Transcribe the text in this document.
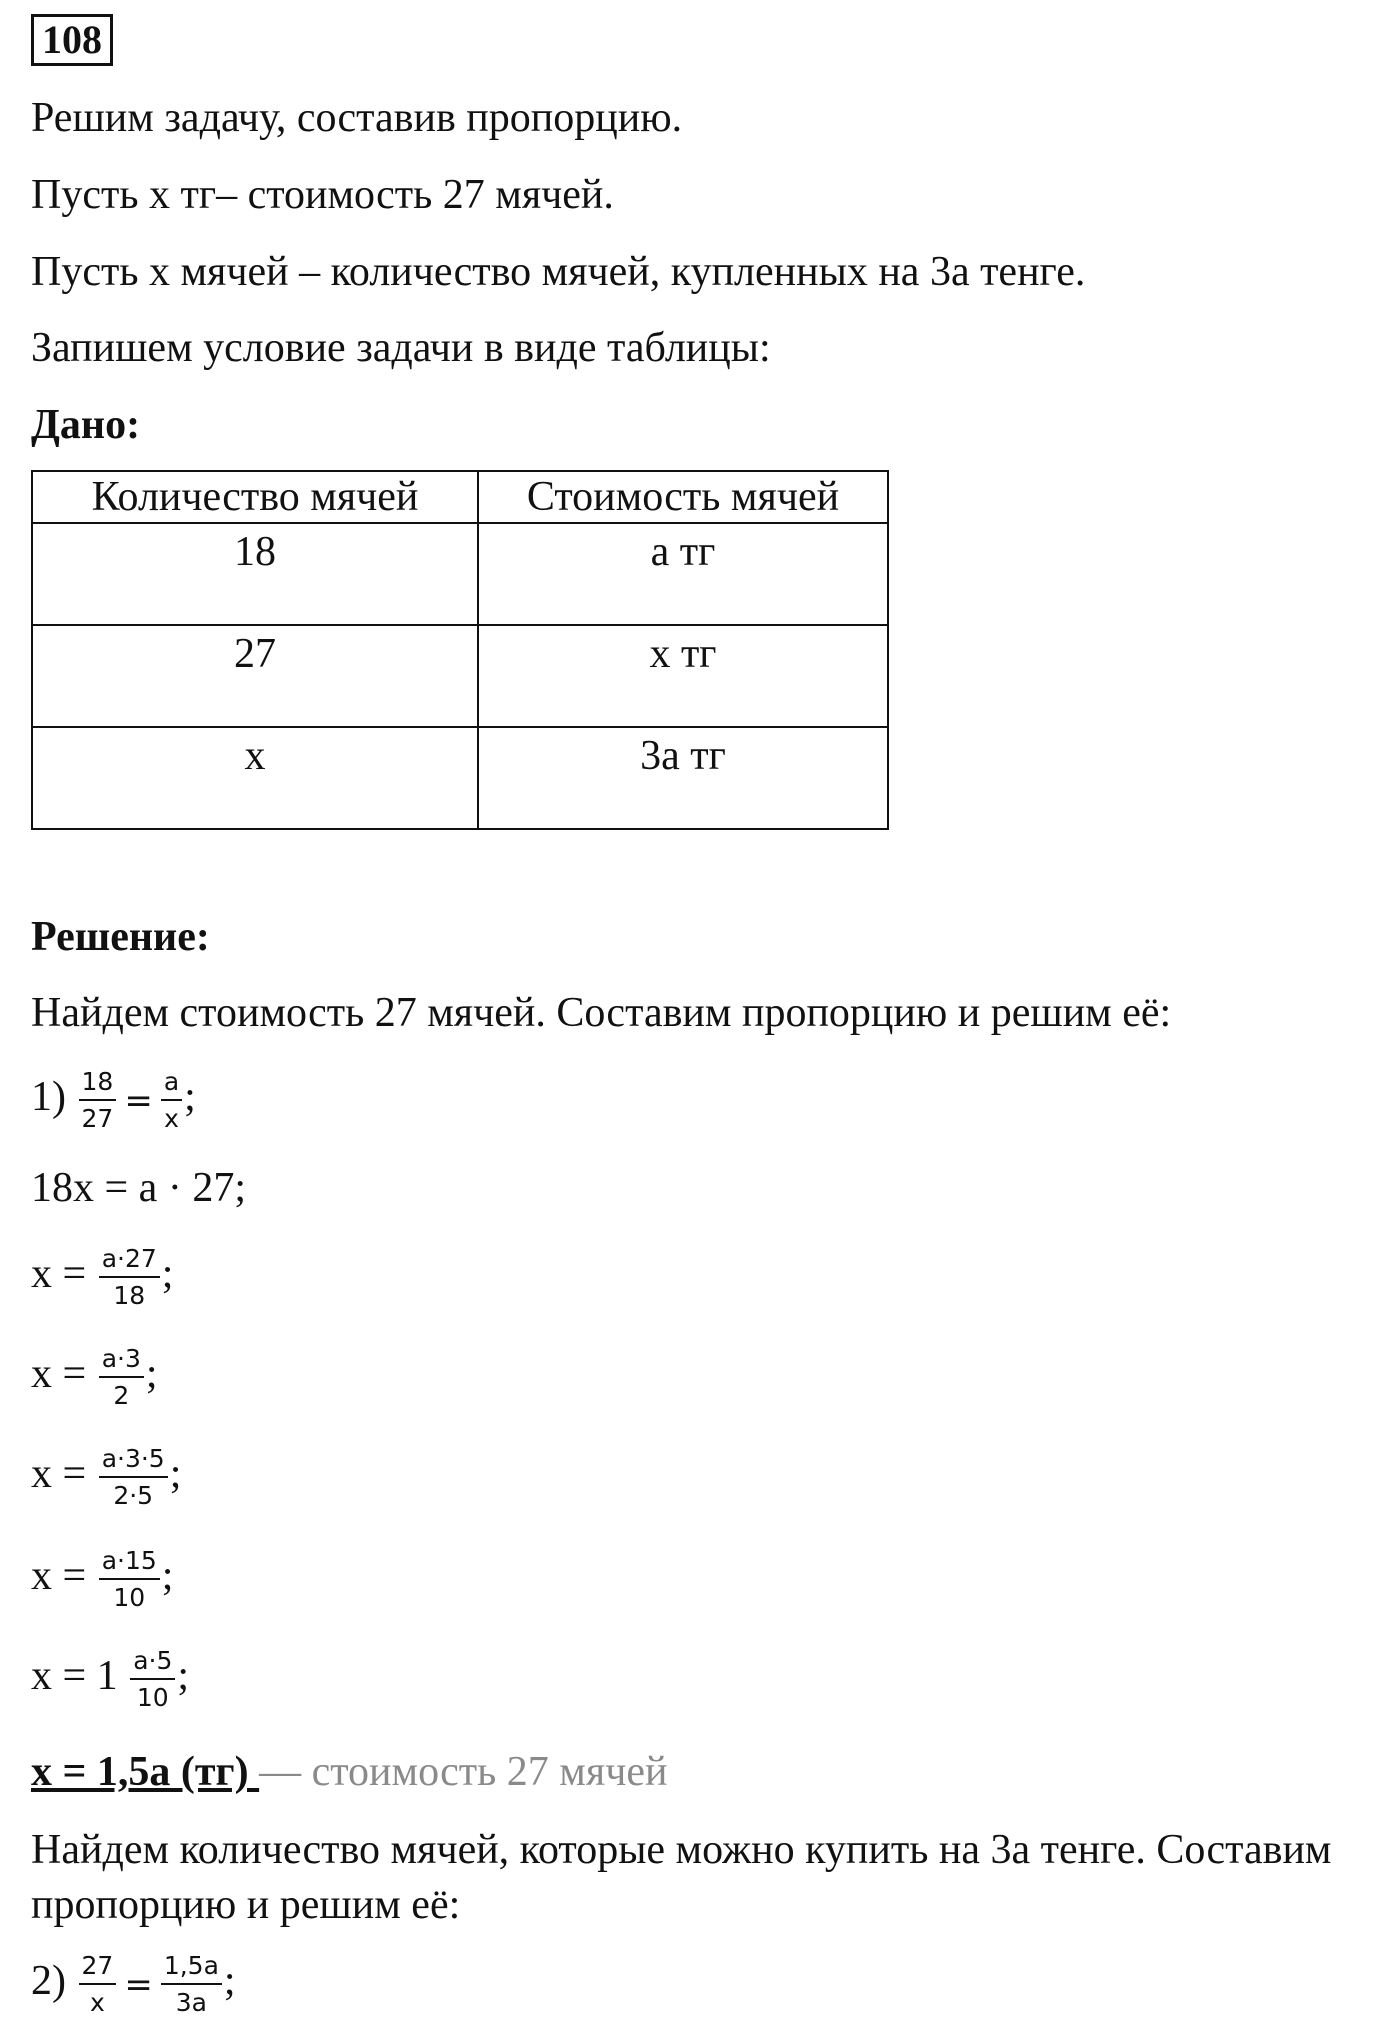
108
Решим задачу, составив пропорцию.
Пусть x тг– стоимость 27 мячей.
Пусть x мячей – количество мячей, купленных на 3a тенге.
Запишем условие задачи в виде таблицы:
Дано:
Количество мячей	Стоимость мячей
18	а тг
27	x тг
x	3а тг
Решение:
Найдем стоимость 27 мячей. Составим пропорцию и решим её:
$1) \frac{18}{27} = \frac{a}{x}$ ;
18x = a · 27;
$x = \frac{a\cdot 27}{18}$ ;
$x = \frac{a\cdot 3}{2}$ ;
$x = \frac{a\cdot 3\cdot 5}{2\cdot 5}$ ;
$x = \frac{a\cdot 15}{10}$ ;
$x = 1 \frac{a\cdot 5}{10}$ ;
x = 1,5a (тг) — стоимость 27 мячей
Найдем количество мячей, которые можно купить на 3a тенге. Составим
пропорцию и решим её:
$2) \frac{27}{x} = \frac{1,5a}{3a}$ ;
